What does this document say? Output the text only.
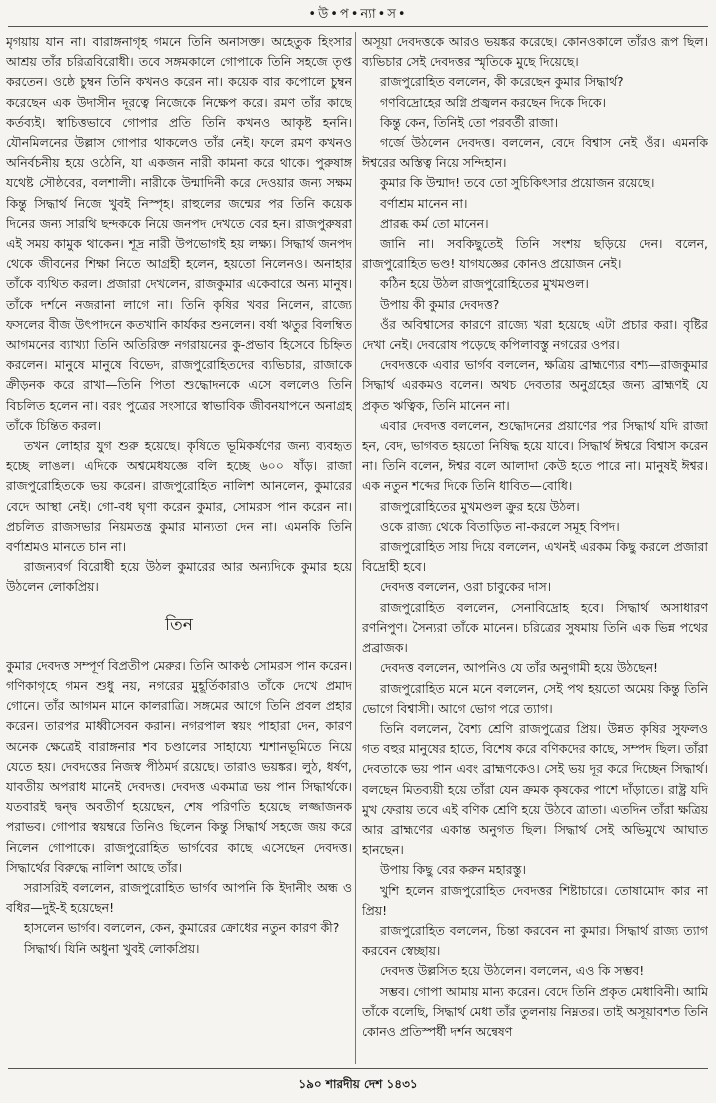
•উ•প•ন্যা•স•

মৃগয়ায় যান না। বারাঙ্গনাগৃহ গমনে তিনি অনাসক্ত। অহেতুক হিংসার আশ্রয় তাঁর চরিত্রবিরোধী। তবে সঙ্গমকালে গোপাকে তিনি সহজে তৃপ্ত করতেন। ওষ্ঠে চুম্বন তিনি কখনও করেন না। কয়েক বার কপোলে চুম্বন করেছেন এক উদাসীন দূরত্বে নিজেকে নিক্ষেপ করে। রমণ তাঁর কাছে কর্তব্যই। স্বাচিত্তভাবে গোপার প্রতি তিনি কখনও আকৃষ্ট হননি। যৌনমিলনের উল্লাস গোপার থাকলেও তাঁর নেই। ফলে রমণ কখনও অনির্বচনীয় হয়ে ওঠেনি, যা একজন নারী কামনা করে থাকে। পুরুষাঙ্গ যথেষ্ট সৌষ্ঠবের, বলশালী। নারীকে উন্মাদিনী করে দেওয়ার জন্য সক্ষম কিন্তু সিদ্ধার্থ নিজে খুবই নিস্পৃহ। রাহুলের জন্মের পর তিনি কয়েক দিনের জন্য সারথি ছন্দককে নিয়ে জনপদ দেখতে বের হন। রাজপুরুষরা এই সময় কামুক থাকেন। শূদ্র নারী উপভোগই হয় লক্ষ্য। সিদ্ধার্থ জনপদ থেকে জীবনের শিক্ষা নিতে আগ্রহী হলেন, হয়তো নিলেনও। অনাহার তাঁকে ব্যথিত করল। প্রজারা দেখলেন, রাজকুমার একেবারে অন্য মানুষ। তাঁকে দর্শনে নজরানা লাগে না। তিনি কৃষির খবর নিলেন, রাজ্যে ফসলের বীজ উৎপাদনে কতখানি কার্যকর শুনলেন। বর্ষা ঋতুর বিলম্বিত আগমনের ব্যাখ্যা তিনি অতিরিক্ত নগরায়নের কু-প্রভাব হিসেবে চিহ্নিত করলেন। মানুষে মানুষে বিভেদ, রাজপুরোহিতদের ব্যভিচার, রাজাকে ক্রীড়নক করে রাখা—তিনি পিতা শুদ্ধোদনকে এসে বললেও তিনি বিচলিত হলেন না। বরং পুত্রের সংসারে স্বাভাবিক জীবনযাপনে অনাগ্রহ তাঁকে চিন্তিত করল।

তখন লোহার যুগ শুরু হয়েছে। কৃষিতে ভূমিকর্ষণের জন্য ব্যবহৃত হচ্ছে লাঙল। এদিকে অশ্বমেধযজ্ঞে বলি হচ্ছে ৬০০ ষাঁড়। রাজা রাজপুরোহিতকে ভয় করেন। রাজপুরোহিত নালিশ আনলেন, কুমারের বেদে আস্থা নেই। গো-বধ ঘৃণা করেন কুমার, সোমরস পান করেন না। প্রচলিত রাজসভার নিয়মতন্ত্র কুমার মান্যতা দেন না। এমনকি তিনি বর্ণাশ্রমও মানতে চান না।

রাজন্যবর্গ বিরোধী হয়ে উঠল কুমারের আর অন্যদিকে কুমার হয়ে উঠলেন লোকপ্রিয়।

তিন

কুমার দেবদত্ত সম্পূর্ণ বিপ্রতীপ মেরুর। তিনি আকণ্ঠ সোমরস পান করেন। গণিকাগৃহে গমন শুধু নয়, নগরের মুহূর্তিকারাও তাঁকে দেখে প্রমাদ গোনে। তাঁর আগমন মানে কালরাত্রি। সঙ্গমের আগে তিনি প্রবল প্রহার করেন। তারপর মাধ্বীসেবন করান। নগরপাল স্বয়ং পাহারা দেন, কারণ অনেক ক্ষেত্রেই বারাঙ্গনার শব চণ্ডালের সাহায্যে শ্মশানভূমিতে নিয়ে যেতে হয়। দেবদত্তের নিজস্ব পীঠমর্দ রয়েছে। তারাও ভয়ঙ্কর। লুঠ, ধর্ষণ, যাবতীয় অপরাধ মানেই দেবদত্ত। দেবদত্ত একমাত্র ভয় পান সিদ্ধার্থকে। যতবারই দ্বন্দ্ব অবতীর্ণ হয়েছেন, শেষ পরিণতি হয়েছে লজ্জাজনক পরাভব। গোপার স্বয়ম্বরে তিনিও ছিলেন কিন্তু সিদ্ধার্থ সহজে জয় করে নিলেন গোপাকে। রাজপুরোহিত ভার্গবের কাছে এসেছেন দেবদত্ত। সিদ্ধার্থের বিরুদ্ধে নালিশ আছে তাঁর।

সরাসরিই বললেন, রাজপুরোহিত ভার্গব আপনি কি ইদানীং অন্ধ ও বধির—দুই-ই হয়েছেন!

হাসলেন ভার্গব। বললেন, কেন, কুমারের ক্রোধের নতুন কারণ কী?

সিদ্ধার্থ। যিনি অধুনা খুবই লোকপ্রিয়।

অসূয়া দেবদত্তকে আরও ভয়ঙ্কর করেছে। কোনওকালে তাঁরও রূপ ছিল। ব্যভিচার সেই দেবদত্তর স্মৃতিকে মুছে দিয়েছে।

রাজপুরোহিত বললেন, কী করেছেন কুমার সিদ্ধার্থ?

গণবিদ্রোহের অগ্নি প্রজ্বলন করছেন দিকে দিকে।

কিন্তু কেন, তিনিই তো পরবর্তী রাজা।

গর্জে উঠলেন দেবদত্ত। বললেন, বেদে বিশ্বাস নেই ওঁর। এমনকি ঈশ্বরের অস্তিত্ব নিয়ে সন্দিহান।

কুমার কি উন্মাদ! তবে তো সুচিকিৎসার প্রয়োজন রয়েছে।

বর্ণাশ্রম মানেন না।

প্রারব্ধ কর্ম তো মানেন।

জানি না। সবকিছুতেই তিনি সংশয় ছড়িয়ে দেন। বলেন, রাজপুরোহিত ভণ্ড! যাগযজ্ঞের কোনও প্রয়োজন নেই।

কঠিন হয়ে উঠল রাজপুরোহিতের মুখমণ্ডল।

উপায় কী কুমার দেবদত্ত?

ওঁর অবিশ্বাসের কারণে রাজ্যে খরা হয়েছে এটা প্রচার করা। বৃষ্টির দেখা নেই। দেবরোষ পড়েছে কপিলাবস্তু নগরের ওপর।

দেবদত্তকে এবার ভার্গব বললেন, ক্ষত্রিয় ব্রাহ্মণ্যের বশ্য—রাজকুমার সিদ্ধার্থ এরকমও বলেন। অথচ দেবতার অনুগ্রহের জন্য ব্রাহ্মণই যে প্রকৃত ঋত্বিক, তিনি মানেন না।

এবার দেবদত্ত বললেন, শুদ্ধোদনের প্রয়াণের পর সিদ্ধার্থ যদি রাজা হন, বেদ, ভাগবত হয়তো নিষিদ্ধ হয়ে যাবে। সিদ্ধার্থ ঈশ্বরে বিশ্বাস করেন না। তিনি বলেন, ঈশ্বর বলে আলাদা কেউ হতে পারে না। মানুষই ঈশ্বর। এক নতুন শব্দের দিকে তিনি ধাবিত—বোধি।

রাজপুরোহিতের মুখমণ্ডল ক্রুর হয়ে উঠল।

ওকে রাজ্য থেকে বিতাড়িত না-করলে সমূহ বিপদ।

রাজপুরোহিত সায় দিয়ে বললেন, এখনই এরকম কিছু করলে প্রজারা বিদ্রোহী হবে।

দেবদত্ত বললেন, ওরা চাবুকের দাস।

রাজপুরোহিত বললেন, সেনাবিদ্রোহ হবে। সিদ্ধার্থ অসাধারণ রণনিপুণ। সৈন্যরা তাঁকে মানেন। চরিত্রের সুষমায় তিনি এক ভিন্ন পথের প্রব্রাজক।

দেবদত্ত বললেন, আপনিও যে তাঁর অনুগামী হয়ে উঠছেন!

রাজপুরোহিত মনে মনে বললেন, সেই পথ হয়তো অমেয় কিন্তু তিনি ভোগে বিশ্বাসী। আগে ভোগ পরে ত্যাগ।

তিনি বললেন, বৈশ্য শ্রেণি রাজপুত্রের প্রিয়। উন্নত কৃষির সুফলও গত বহুর মানুষের হাতে, বিশেষ করে বণিকদের কাছে, সম্পদ ছিল। তাঁরা দেবতাকে ভয় পান এবং ব্রাহ্মণকেও। সেই ভয় দূর করে দিচ্ছেন সিদ্ধার্থ। বলছেন মিতব্যয়ী হয়ে তাঁরা যেন ক্রমক কৃষকের পাশে দাঁড়াতে। রাষ্ট্র যদি মুখ ফেরায় তবে এই বণিক শ্রেণি হয়ে উঠবে ত্রাতা। এতদিন তাঁরা ক্ষত্রিয় আর ব্রাহ্মণের একান্ত অনুগত ছিল। সিদ্ধার্থ সেই অভিমুখে আঘাত হানছেন।

উপায় কিছু বের করুন মহারস্তু।

খুশি হলেন রাজপুরোহিত দেবদত্তর শিষ্টাচারে। তোষামোদ কার না প্রিয়!

রাজপুরোহিত বললেন, চিন্তা করবেন না কুমার। সিদ্ধার্থ রাজ্য ত্যাগ করবেন স্বেচ্ছায়।

দেবদত্ত উল্লসিত হয়ে উঠলেন। বললেন, এও কি সম্ভব!

সম্ভব। গোপা আমায় মান্য করেন। বেদে তিনি প্রকৃত মেধাবিনী। আমি তাঁকে বলেছি, সিদ্ধার্থ মেধা তাঁর তুলনায় নিম্নতর। তাই অসূয়াবশত তিনি কোনও প্রতিস্পর্ধী দর্শন অন্বেষণ

১৯০ শারদীয় দেশ ১৪৩১
